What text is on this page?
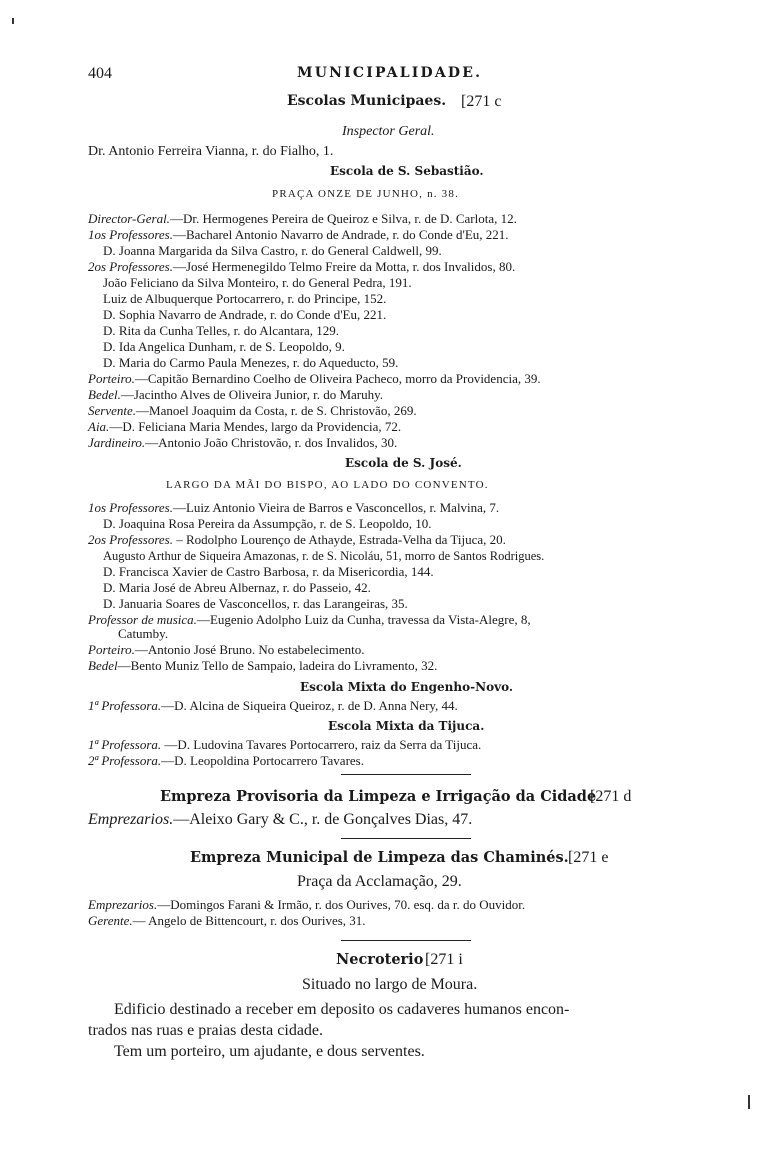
404	MUNICIPALIDADE.
Escolas Municipaes. [271 c
Inspector Geral.
Dr. Antonio Ferreira Vianna, r. do Fialho, 1.
Escola de S. Sebastião.
PRAÇA ONZE DE JUNHO, n. 38.
Director-Geral.—Dr. Hermogenes Pereira de Queiroz e Silva, r. de D. Carlota, 12.
1os Professores.—Bacharel Antonio Navarro de Andrade, r. do Conde d'Eu, 221.
D. Joanna Margarida da Silva Castro, r. do General Caldwell, 99.
2os Professores.—José Hermenegildo Telmo Freire da Motta, r. dos Invalidos, 80.
João Feliciano da Silva Monteiro, r. do General Pedra, 191.
Luiz de Albuquerque Portocarrero, r. do Principe, 152.
D. Sophia Navarro de Andrade, r. do Conde d'Eu, 221.
D. Rita da Cunha Telles, r. do Alcantara, 129.
D. Ida Angelica Dunham, r. de S. Leopoldo, 9.
D. Maria do Carmo Paula Menezes, r. do Aqueducto, 59.
Porteiro.—Capitão Bernardino Coelho de Oliveira Pacheco, morro da Providencia, 39.
Bedel.—Jacintho Alves de Oliveira Junior, r. do Maruhy.
Servente.—Manoel Joaquim da Costa, r. de S. Christovão, 269.
Aia.—D. Feliciana Maria Mendes, largo da Providencia, 72.
Jardineiro.—Antonio João Christovão, r. dos Invalidos, 30.
Escola de S. José.
LARGO DA MÃI DO BISPO, AO LADO DO CONVENTO.
1os Professores.—Luiz Antonio Vieira de Barros e Vasconcellos, r. Malvina, 7.
D. Joaquina Rosa Pereira da Assumpção, r. de S. Leopoldo, 10.
2os Professores. – Rodolpho Lourenço de Athayde, Estrada-Velha da Tijuca, 20.
Augusto Arthur de Siqueira Amazonas, r. de S. Nicoláu, 51, morro de Santos Rodrigues.
D. Francisca Xavier de Castro Barbosa, r. da Misericordia, 144.
D. Maria José de Abreu Albernaz, r. do Passeio, 42.
D. Januaria Soares de Vasconcellos, r. das Larangeiras, 35.
Professor de musica.—Eugenio Adolpho Luiz da Cunha, travessa da Vista-Alegre, 8,
Catumby.
Porteiro.—Antonio José Bruno. No estabelecimento.
Bedel—Bento Muniz Tello de Sampaio, ladeira do Livramento, 32.
Escola Mixta do Engenho-Novo.
1ª Professora.—D. Alcina de Siqueira Queiroz, r. de D. Anna Nery, 44.
Escola Mixta da Tijuca.
1ª Professora. —D. Ludovina Tavares Portocarrero, raiz da Serra da Tijuca.
2ª Professora.—D. Leopoldina Portocarrero Tavares.
Empreza Provisoria da Limpeza e Irrigação da Cidade
[271 d
Emprezarios.—Aleixo Gary & C., r. de Gonçalves Dias, 47.
Empreza Municipal de Limpeza das Chaminés. [271 e
Praça da Acclamação, 29.
Emprezarios.—Domingos Farani & Irmão, r. dos Ourives, 70. esq. da r. do Ouvidor.
Gerente.— Angelo de Bittencourt, r. dos Ourives, 31.
Necroterio [271 i
Situado no largo de Moura.
Edificio destinado a receber em deposito os cadaveres humanos encon-
trados nas ruas e praias desta cidade.
Tem um porteiro, um ajudante, e dous serventes.
